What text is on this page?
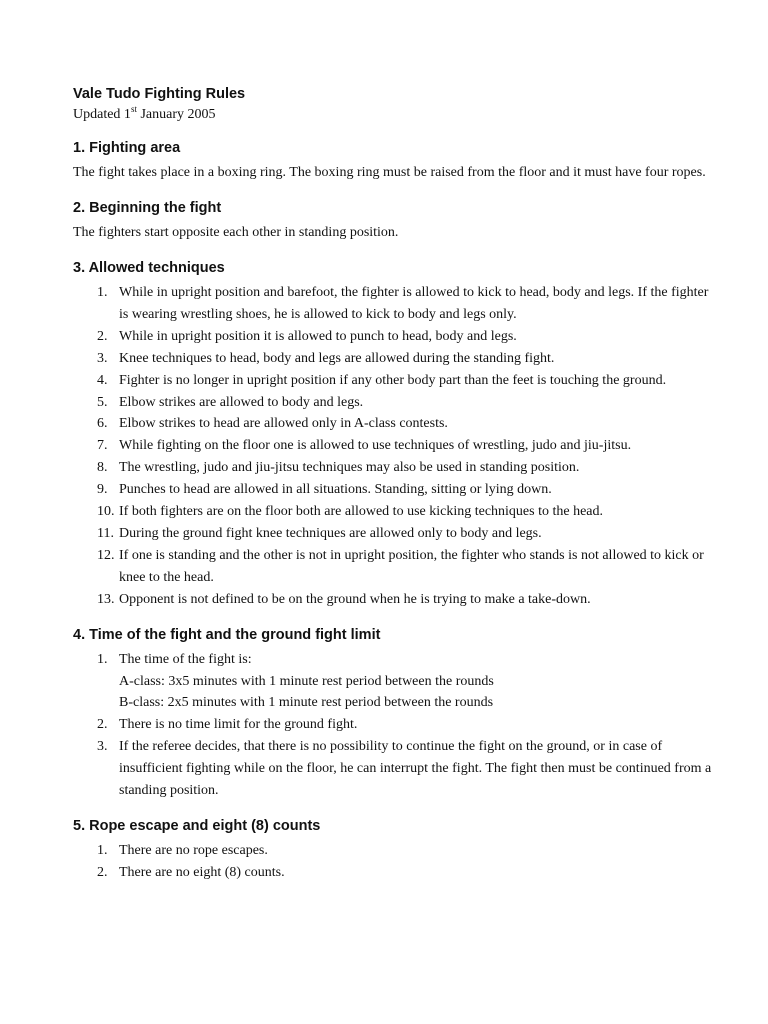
Vale Tudo Fighting Rules

Updated 1st January 2005

1. Fighting area

The fight takes place in a boxing ring. The boxing ring must be raised from the floor and it must have four ropes.

2. Beginning the fight

The fighters start opposite each other in standing position.

3. Allowed techniques
1. While in upright position and barefoot, the fighter is allowed to kick to head, body and legs. If the fighter is wearing wrestling shoes, he is allowed to kick to body and legs only.
2. While in upright position it is allowed to punch to head, body and legs.
3. Knee techniques to head, body and legs are allowed during the standing fight.
4. Fighter is no longer in upright position if any other body part than the feet is touching the ground.
5. Elbow strikes are allowed to body and legs.
6. Elbow strikes to head are allowed only in A-class contests.
7. While fighting on the floor one is allowed to use techniques of wrestling, judo and jiu-jitsu.
8. The wrestling, judo and jiu-jitsu techniques may also be used in standing position.
9. Punches to head are allowed in all situations. Standing, sitting or lying down.
10. If both fighters are on the floor both are allowed to use kicking techniques to the head.
11. During the ground fight knee techniques are allowed only to body and legs.
12. If one is standing and the other is not in upright position, the fighter who stands is not allowed to kick or knee to the head.
13. Opponent is not defined to be on the ground when he is trying to make a take-down.
4. Time of the fight and the ground fight limit
1. The time of the fight is:
A-class: 3x5 minutes with 1 minute rest period between the rounds
B-class: 2x5 minutes with 1 minute rest period between the rounds
2. There is no time limit for the ground fight.
3. If the referee decides, that there is no possibility to continue the fight on the ground, or in case of insufficient fighting while on the floor, he can interrupt the fight. The fight then must be continued from a standing position.
5. Rope escape and eight (8) counts
1. There are no rope escapes.
2. There are no eight (8) counts.
